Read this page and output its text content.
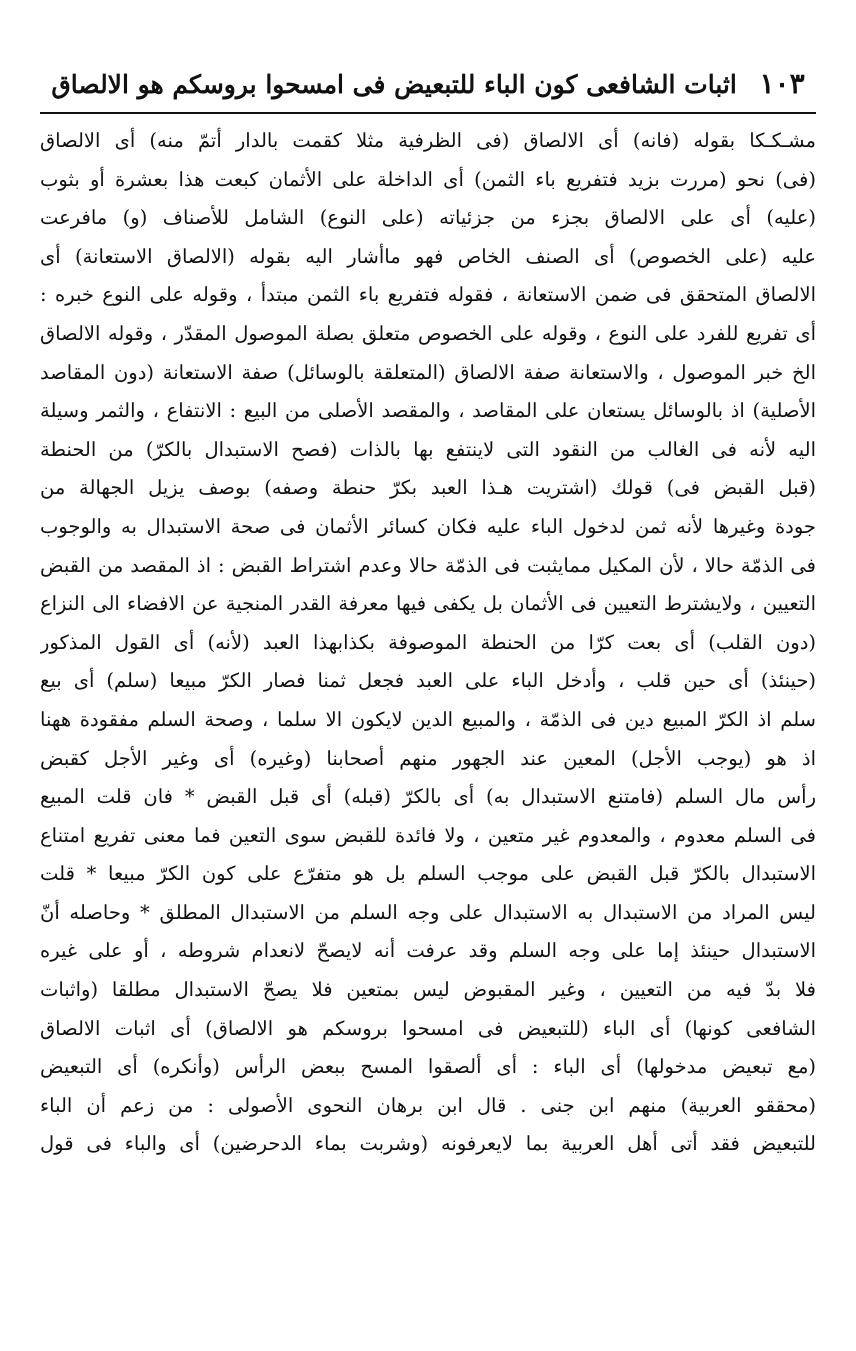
١٠٣ اثبات الشافعی کون الباء للتبعیض فی امسحوا بروسکم هو الالصاق
مشـکـکا بقوله (فانه) أی الالصاق (فی الظرفیة مثلا کقمت بالدار أتمّ منه) أی الالصاق
(فی) نحو (مررت بزید فتفریع باء الثمن) أی الداخلة علی الأثمان کبعت هذا بعشرة أو بثوب
(علیه) أی علی الالصاق بجزء من جزئیاته (علی النوع) الشامل للأصناف (و) مافرعت
علیه (علی الخصوص) أی الصنف الخاص فهو ماأشار الیه بقوله (الالصاق الاستعانة) أی
الالصاق المتحقق فی ضمن الاستعانة ، فقوله فتفریع باء الثمن مبتدأ ، وقوله علی النوع خبره :
أی تفریع للفرد علی النوع ، وقوله علی الخصوص متعلق بصلة الموصول المقدّر ، وقوله الالصاق
الخ خبر الموصول ، والاستعانة صفة الالصاق (المتعلقة بالوسائل) صفة الاستعانة (دون المقاصد
الأصلیة) اذ بالوسائل یستعان علی المقاصد ، والمقصد الأصلی من البیع : الانتفاع ، والثمر وسیلة
الیه لأنه فی الغالب من النقود التی لاینتفع بها بالذات (فصح الاستبدال بالکرّ) من الحنطة
(قبل القبض فی) قولك (اشتریت هـذا العبد بکرّ حنطة وصفه) بوصف یزیل الجهالة من
جودة وغیرها لأنه ثمن لدخول الباء علیه فکان کسائر الأثمان فی صحة الاستبدال به والوجوب
فی الذمّة حالا ، لأن المکیل ممایثبت فی الذمّة حالا وعدم اشتراط القبض : اذ المقصد من القبض
التعیین ، ولایشترط التعیین فی الأثمان بل یکفی فیها معرفة القدر المنجیة عن الافضاء الی النزاع
(دون القلب) أی بعت کرّا من الحنطة الموصوفة بکذابهذا العبد (لأنه) أی القول المذکور
(حینئذ) أی حین قلب ، وأدخل الباء علی العبد فجعل ثمنا فصار الکرّ مبیعا (سلم) أی بیع
سلم اذ الکرّ المبیع دین فی الذمّة ، والمبیع الدین لایکون الا سلما ، وصحة السلم مفقودة ههنا
اذ هو (یوجب الأجل) المعین عند الجهور منهم أصحابنا (وغیره) أی وغیر الأجل کقبض
رأس مال السلم (فامتنع الاستبدال به) أی بالکرّ (قبله) أی قبل القبض * فان قلت المبیع
فی السلم معدوم ، والمعدوم غیر متعین ، ولا فائدة للقبض سوی التعین فما معنی تفریع امتناع
الاستبدال بالکرّ قبل القبض علی موجب السلم بل هو متفرّع علی کون الکرّ مبیعا * قلت
لیس المراد من الاستبدال به الاستبدال علی وجه السلم من الاستبدال المطلق * وحاصله أنّ
الاستبدال حینئذ إما علی وجه السلم وقد عرفت أنه لایصحّ لانعدام شروطه ، أو علی غیره
فلا بدّ فیه من التعیین ، وغیر المقبوض لیس بمتعین فلا یصحّ الاستبدال مطلقا (واثبات
الشافعی کونها) أی الباء (للتبعیض فی امسحوا بروسکم هو الالصاق) أی اثبات الالصاق
(مع تبعیض مدخولها) أی الباء : أی ألصقوا المسح ببعض الرأس (وأنکره) أی التبعیض
(محققو العربیة) منهم ابن جنی . قال ابن برهان النحوی الأصولی : من زعم أن الباء
للتبعیض فقد أتی أهل العربیة بما لایعرفونه (وشربت بماء الدحرضین) أی والباء فی قول
